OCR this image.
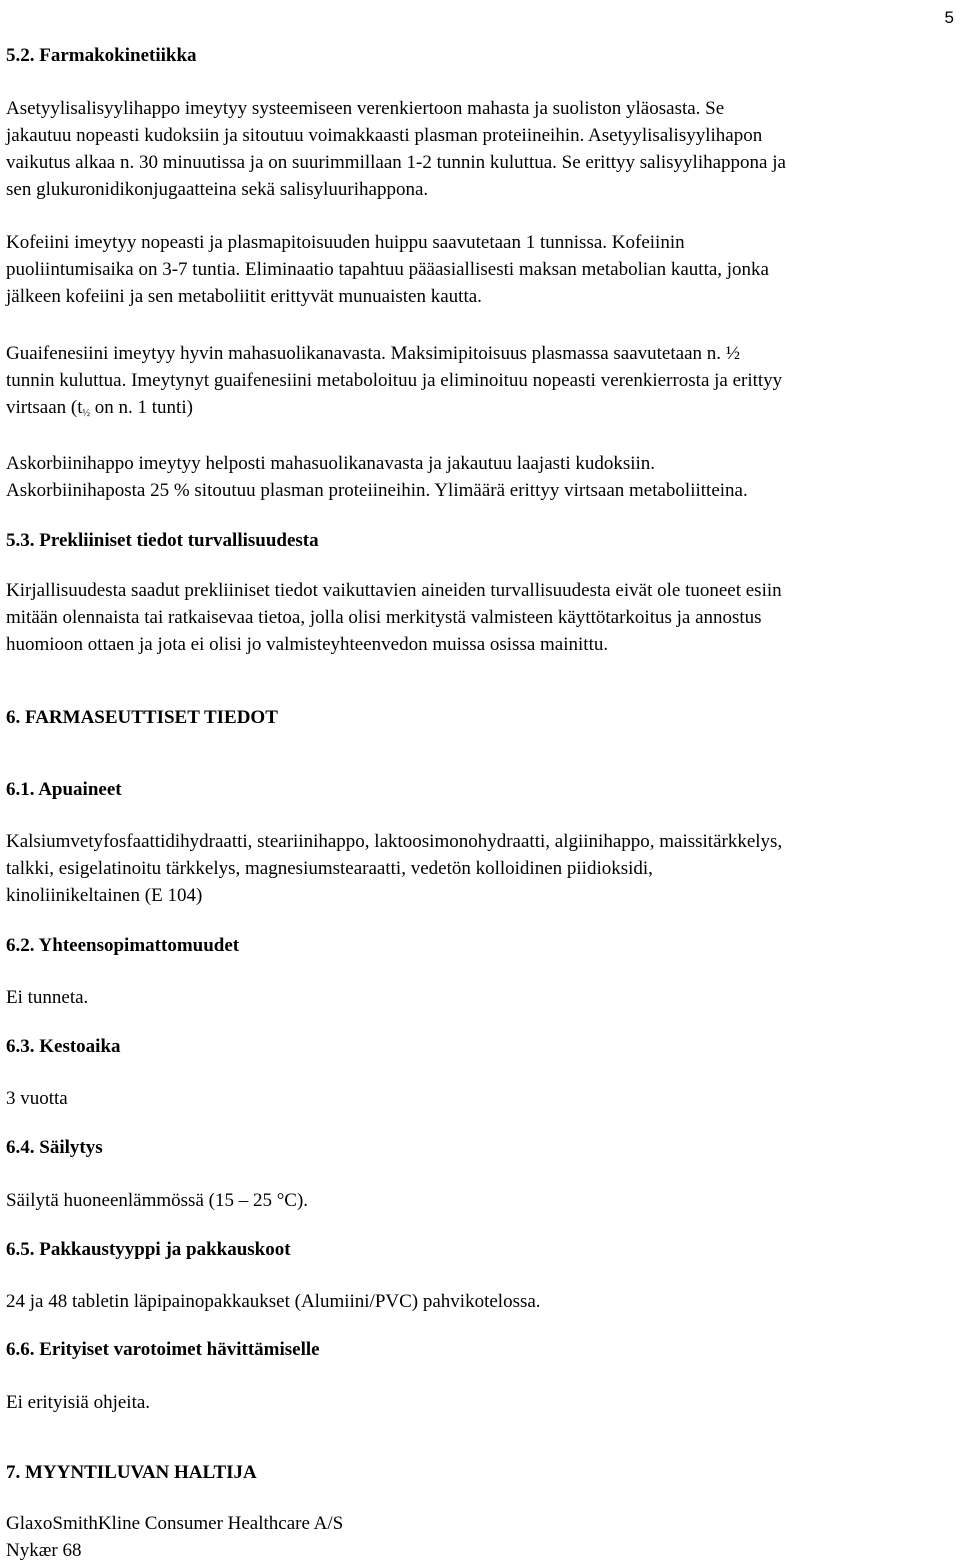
5
5.2. Farmakokinetiikka
Asetyylisalisyylihappo imeytyy systeemiseen verenkiertoon mahasta ja suoliston yläosasta. Se
jakautuu nopeasti kudoksiin ja sitoutuu voimakkaasti plasman proteiineihin. Asetyylisalisyylihapon
vaikutus alkaa n. 30 minuutissa ja on suurimmillaan 1-2 tunnin kuluttua. Se erittyy salisyylihappona ja
sen glukuronidikonjugaatteina sekä salisyluurihappona.
Kofeiini imeytyy nopeasti ja plasmapitoisuuden huippu saavutetaan 1 tunnissa. Kofeiinin
puoliintumisaika on 3-7 tuntia. Eliminaatio tapahtuu pääasiallisesti maksan metabolian kautta, jonka
jälkeen kofeiini ja sen metaboliitit erittyvät munuaisten kautta.
Guaifenesiini imeytyy hyvin mahasuolikanavasta. Maksimipitoisuus plasmassa saavutetaan n. ½
tunnin kuluttua. Imeytynyt guaifenesiini metaboloituu ja eliminoituu nopeasti verenkierrosta ja erittyy
virtsaan ($t_{\frac{1}{2}}$ on n. 1 tunti)
Askorbiinihappo imeytyy helposti mahasuolikanavasta ja jakautuu laajasti kudoksiin.
Askorbiinihaposta 25 % sitoutuu plasman proteiineihin. Ylimäärä erittyy virtsaan metaboliitteina.
5.3. Prekliiniset tiedot turvallisuudesta
Kirjallisuudesta saadut prekliiniset tiedot vaikuttavien aineiden turvallisuudesta eivät ole tuoneet esiin
mitään olennaista tai ratkaisevaa tietoa, jolla olisi merkitystä valmisteen käyttötarkoitus ja annostus
huomioon ottaen ja jota ei olisi jo valmisteyhteenvedon muissa osissa mainittu.
6. FARMASEUTTISET TIEDOT
6.1. Apuaineet
Kalsiumvetyfosfaattidihydraatti, steariinihappo, laktoosimonohydraatti, algiinihappo, maissitärkkelys,
talkki, esigelatinoitu tärkkelys, magnesiumstearaatti, vedetön kolloidinen piidioksidi,
kinoliinikeltainen (E 104)
6.2. Yhteensopimattomuudet
Ei tunneta.
6.3. Kestoaika
3 vuotta
6.4. Säilytys
Säilytä huoneenlämmössä (15 – 25 °C).
6.5. Pakkaustyyppi ja pakkauskoot
24 ja 48 tabletin läpipainopakkaukset (Alumiini/PVC) pahvikotelossa.
6.6. Erityiset varotoimet hävittämiselle
Ei erityisiä ohjeita.
7. MYYNTILUVAN HALTIJA
GlaxoSmithKline Consumer Healthcare A/S
Nykær 68
